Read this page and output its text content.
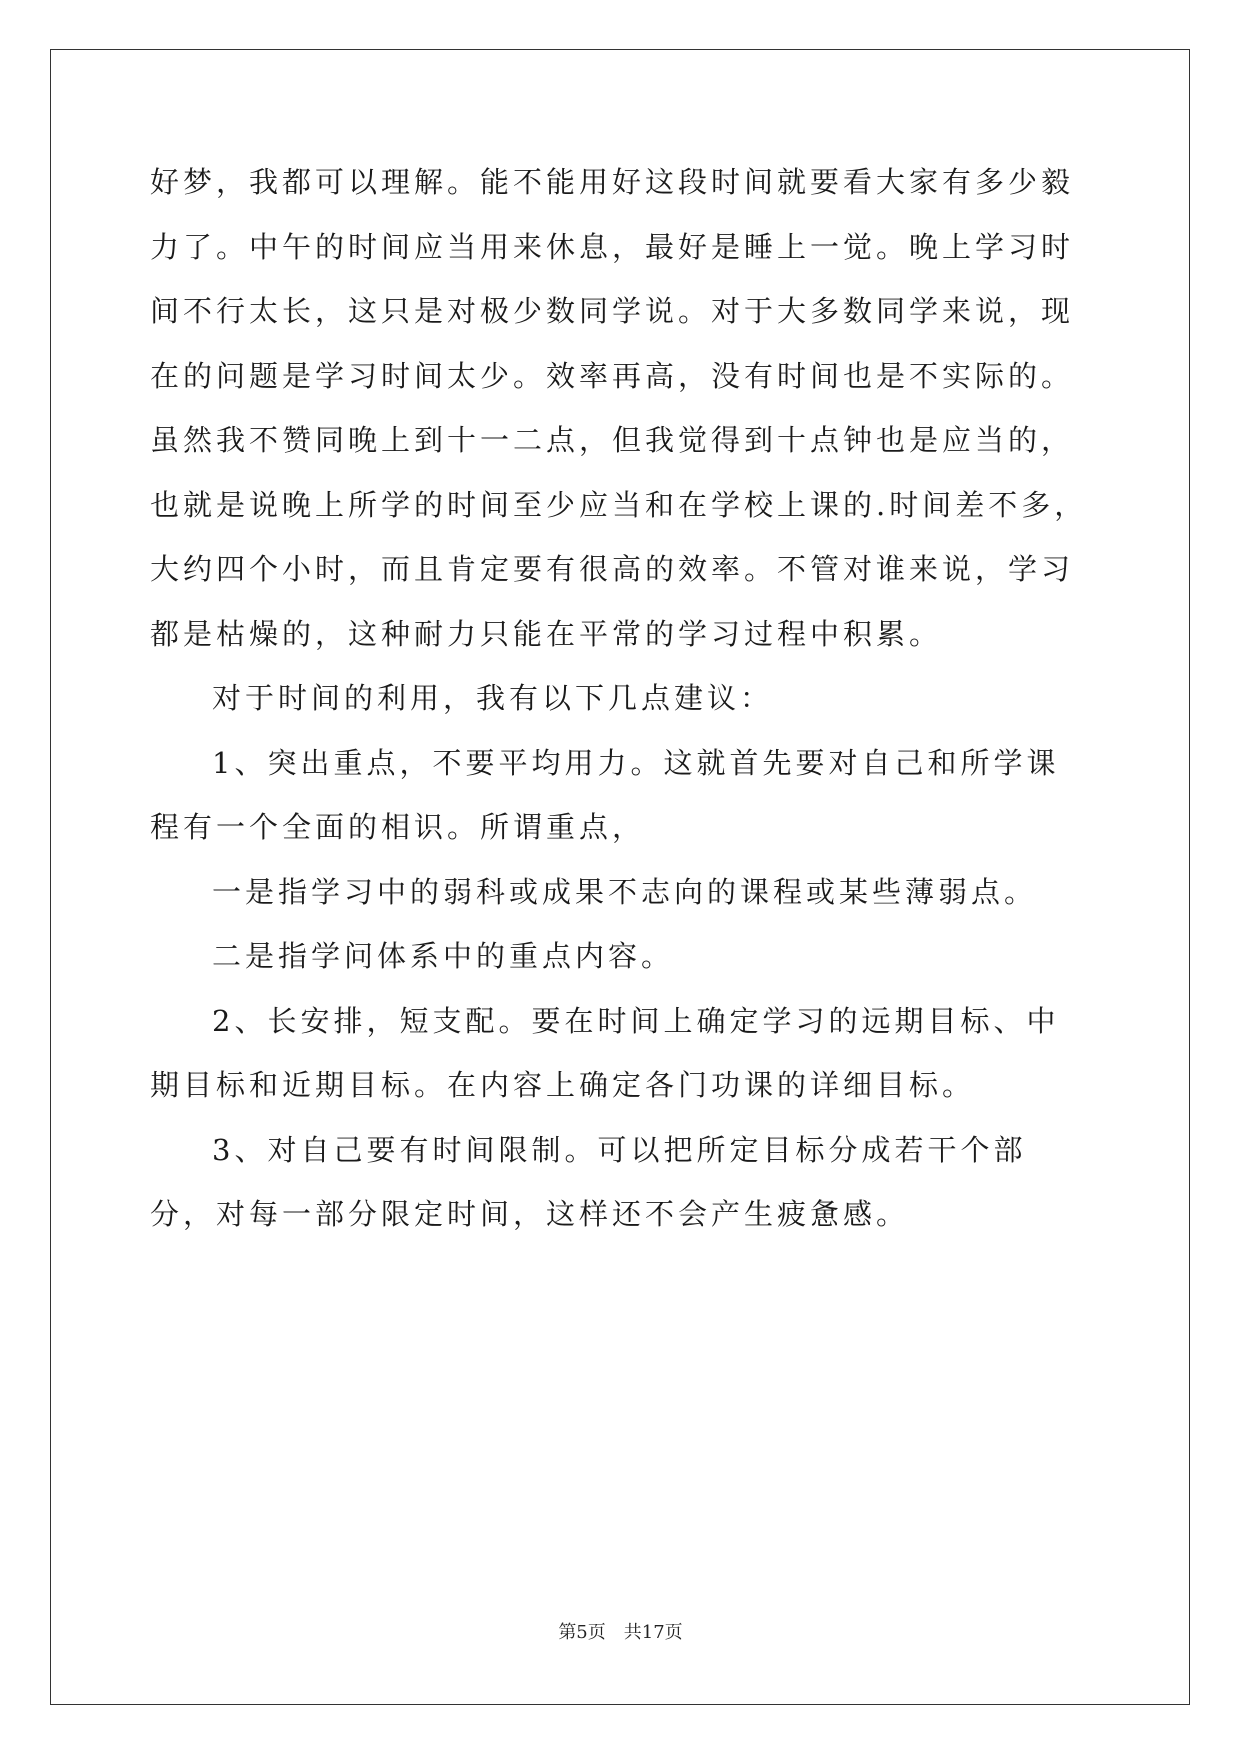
好梦，我都可以理解。能不能用好这段时间就要看大家有多少毅力了。中午的时间应当用来休息，最好是睡上一觉。晚上学习时间不行太长，这只是对极少数同学说。对于大多数同学来说，现在的问题是学习时间太少。效率再高，没有时间也是不实际的。虽然我不赞同晚上到十一二点，但我觉得到十点钟也是应当的，也就是说晚上所学的时间至少应当和在学校上课的.时间差不多，大约四个小时，而且肯定要有很高的效率。不管对谁来说，学习都是枯燥的，这种耐力只能在平常的学习过程中积累。

对于时间的利用，我有以下几点建议：

1、突出重点，不要平均用力。这就首先要对自己和所学课程有一个全面的相识。所谓重点，

一是指学习中的弱科或成果不志向的课程或某些薄弱点。

二是指学问体系中的重点内容。

2、长安排，短支配。要在时间上确定学习的远期目标、中期目标和近期目标。在内容上确定各门功课的详细目标。

3、对自己要有时间限制。可以把所定目标分成若干个部分，对每一部分限定时间，这样还不会产生疲惫感。

第5页　共17页
